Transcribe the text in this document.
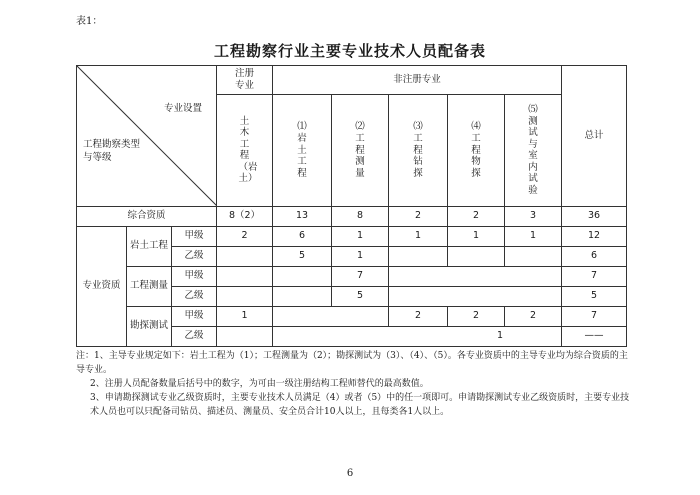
表1：
工程勘察行业主要专业技术人员配备表
专业设置
工程勘察类型
与等级			注册专业	非注册专业					总计
			土木工程（岩土）	⑴岩土工程	⑵工程测量	⑶工程钻探	⑷工程物探	⑸测试与室内试验	
综合资质			8（2）	13	8	2	2	3	36
专业资质	岩土工程	甲级	2	6	1	1	1	1	12
		乙级		5	1				6
	工程测量	甲级			7				7
		乙级			5				5
	勘探测试	甲级	1			2	2	2	7
		乙级		1					——
注：1、主导专业规定如下：岩土工程为（1）；工程测量为（2）；勘探测试为（3）、（4）、（5）。各专业资质中的主导专业均为综合资质的主导专业。
2、注册人员配备数量后括号中的数字，为可由一级注册结构工程师替代的最高数值。
3、申请勘探测试专业乙级资质时，主要专业技术人员满足（4）或者（5）中的任一项即可。申请勘探测试专业乙级资质时，主要专业技术人员也可以只配备司钻员、描述员、测量员、安全员合计10人以上，且每类各1人以上。
6
